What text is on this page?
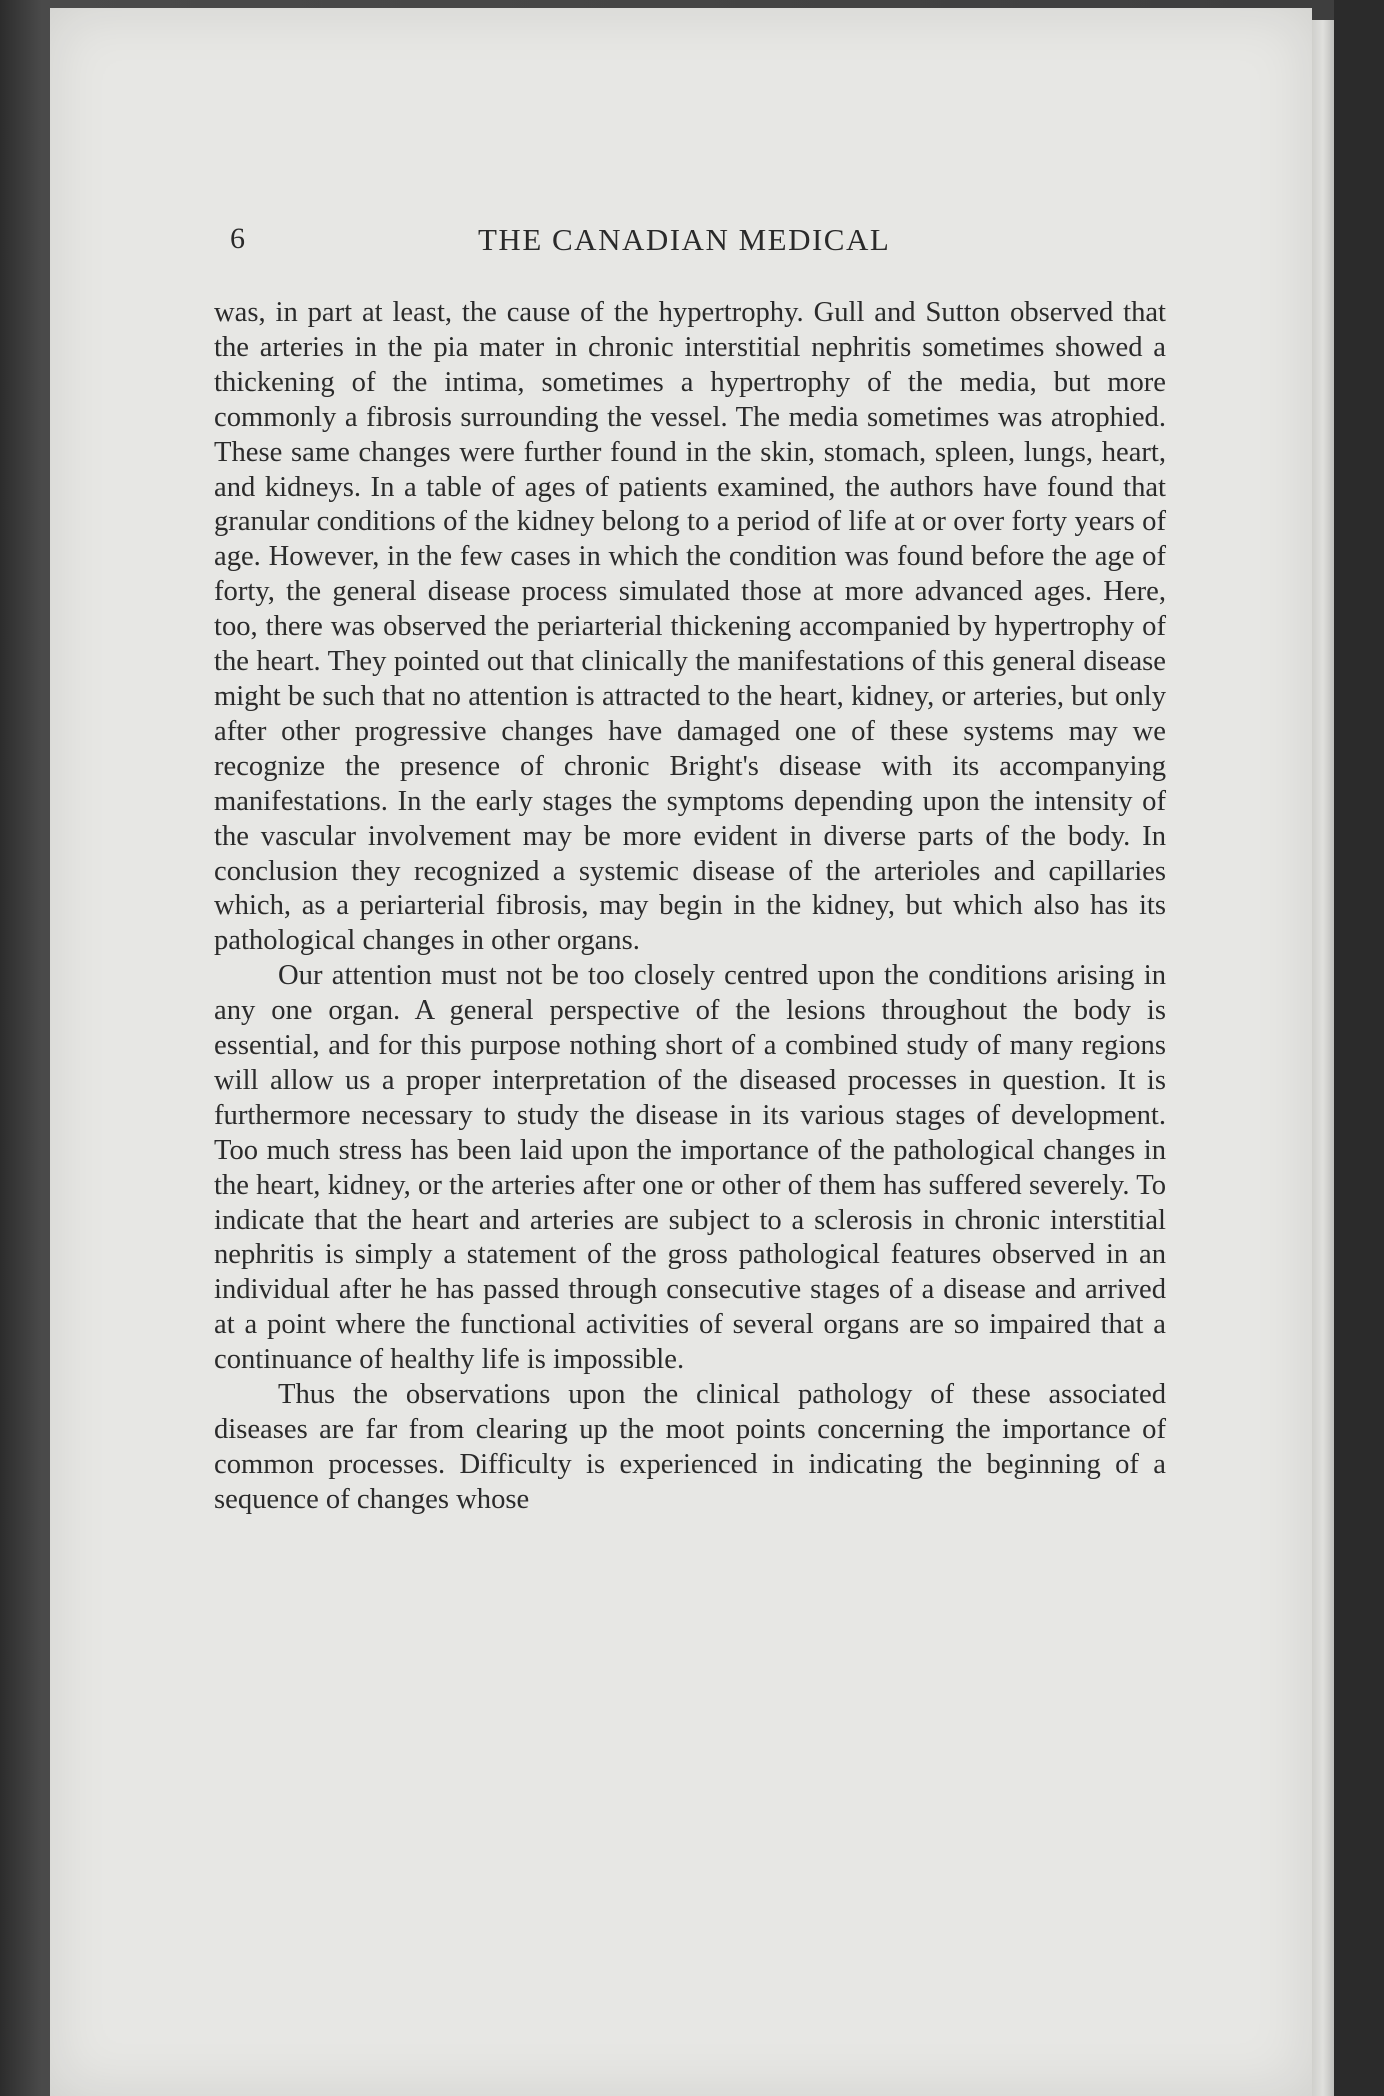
6	THE CANADIAN MEDICAL

was, in part at least, the cause of the hypertrophy. Gull and Sutton observed that the arteries in the pia mater in chronic interstitial nephritis sometimes showed a thickening of the intima, sometimes a hypertrophy of the media, but more commonly a fibrosis surrounding the vessel. The media sometimes was atrophied. These same changes were further found in the skin, stomach, spleen, lungs, heart, and kidneys. In a table of ages of patients examined, the authors have found that granular conditions of the kidney belong to a period of life at or over forty years of age. However, in the few cases in which the condition was found before the age of forty, the general disease process simulated those at more advanced ages. Here, too, there was observed the periarterial thickening accompanied by hypertrophy of the heart. They pointed out that clinically the manifestations of this general disease might be such that no attention is attracted to the heart, kidney, or arteries, but only after other progressive changes have damaged one of these systems may we recognize the presence of chronic Bright's disease with its accompanying manifestations. In the early stages the symptoms depending upon the intensity of the vascular involvement may be more evident in diverse parts of the body. In conclusion they recognized a systemic disease of the arterioles and capillaries which, as a periarterial fibrosis, may begin in the kidney, but which also has its pathological changes in other organs.

Our attention must not be too closely centred upon the conditions arising in any one organ. A general perspective of the lesions throughout the body is essential, and for this purpose nothing short of a combined study of many regions will allow us a proper interpretation of the diseased processes in question. It is furthermore necessary to study the disease in its various stages of development. Too much stress has been laid upon the importance of the pathological changes in the heart, kidney, or the arteries after one or other of them has suffered severely. To indicate that the heart and arteries are subject to a sclerosis in chronic interstitial nephritis is simply a statement of the gross pathological features observed in an individual after he has passed through consecutive stages of a disease and arrived at a point where the functional activities of several organs are so impaired that a continuance of healthy life is impossible.

Thus the observations upon the clinical pathology of these associated diseases are far from clearing up the moot points concerning the importance of common processes. Difficulty is experienced in indicating the beginning of a sequence of changes whose
